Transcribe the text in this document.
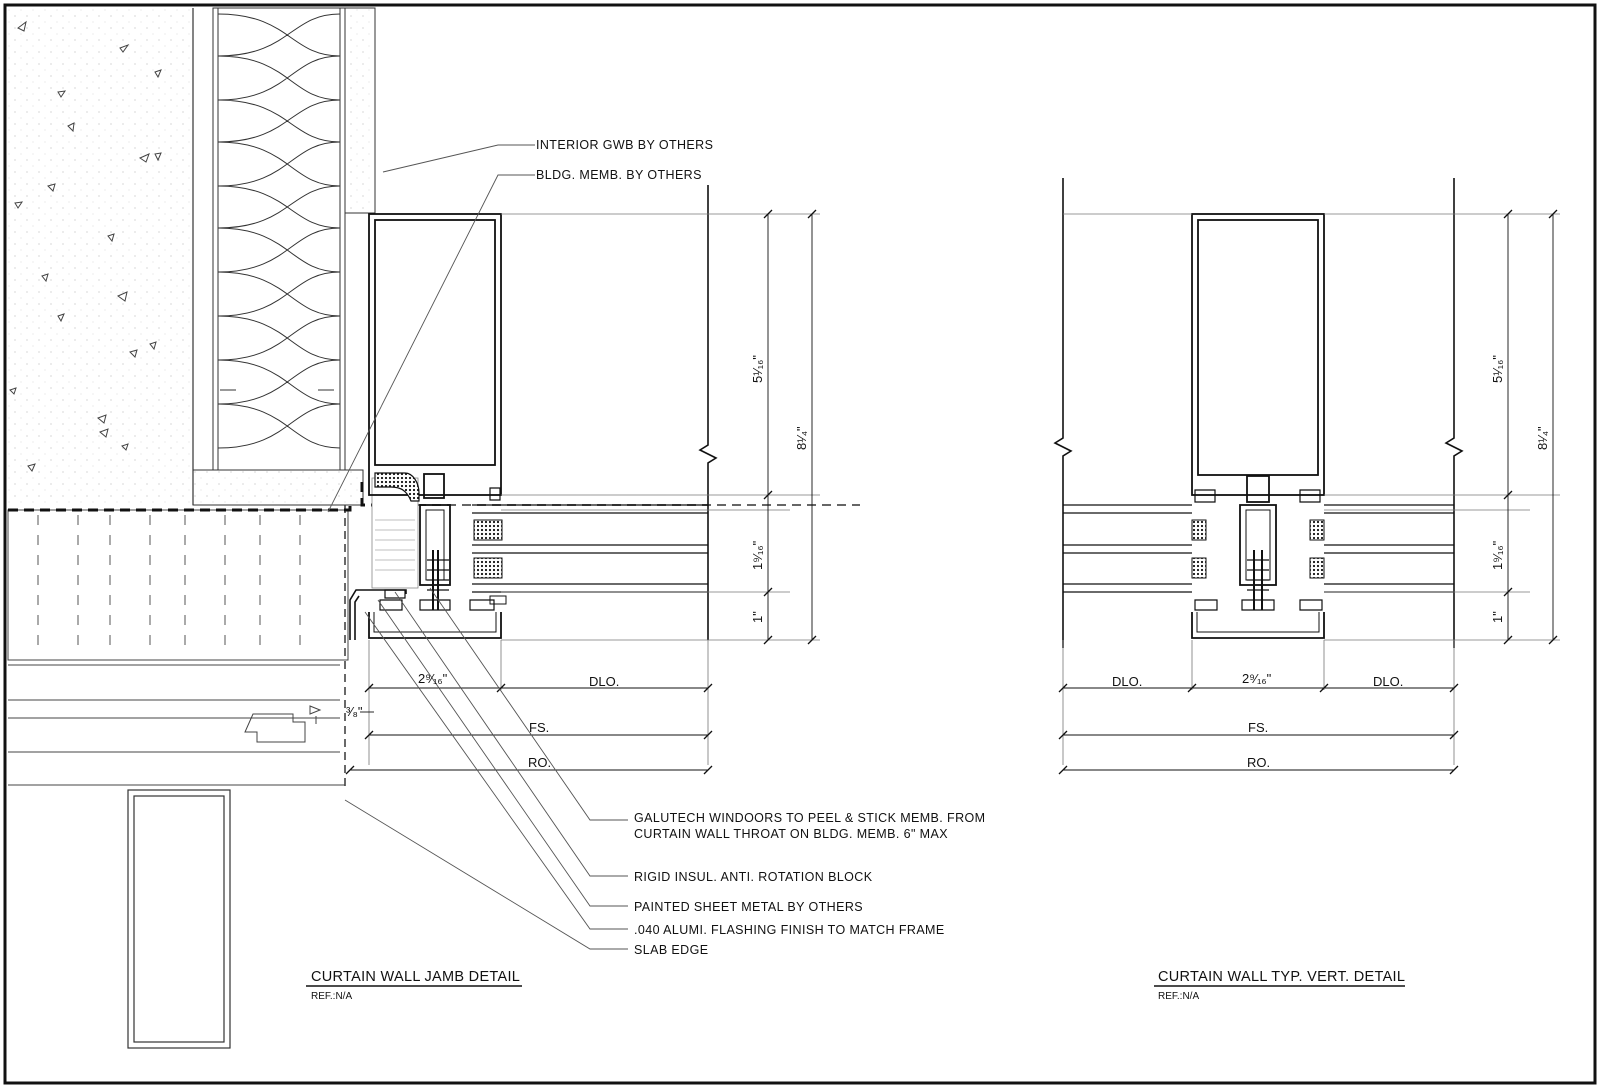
INTERIOR GWB BY OTHERS
BLDG. MEMB. BY OTHERS
GALUTECH WINDOORS TO PEEL & STICK MEMB. FROM
CURTAIN WALL THROAT ON BLDG. MEMB. 6" MAX
RIGID INSUL. ANTI. ROTATION BLOCK
PAINTED SHEET METAL BY OTHERS
.040 ALUMI. FLASHING FINISH TO MATCH FRAME
SLAB EDGE
2⁹⁄₁₆"	DLO.
FS.
RO.
³⁄₈"
5¹⁄₁₆"
8¹⁄₄"
1⁹⁄₁₆"
1"
DLO.	2⁹⁄₁₆"	DLO.
FS.
RO.
5¹⁄₁₆"
8¹⁄₄"
1⁹⁄₁₆"
1"
CURTAIN WALL JAMB DETAIL
REF.:N/A
CURTAIN WALL TYP. VERT. DETAIL
REF.:N/A
